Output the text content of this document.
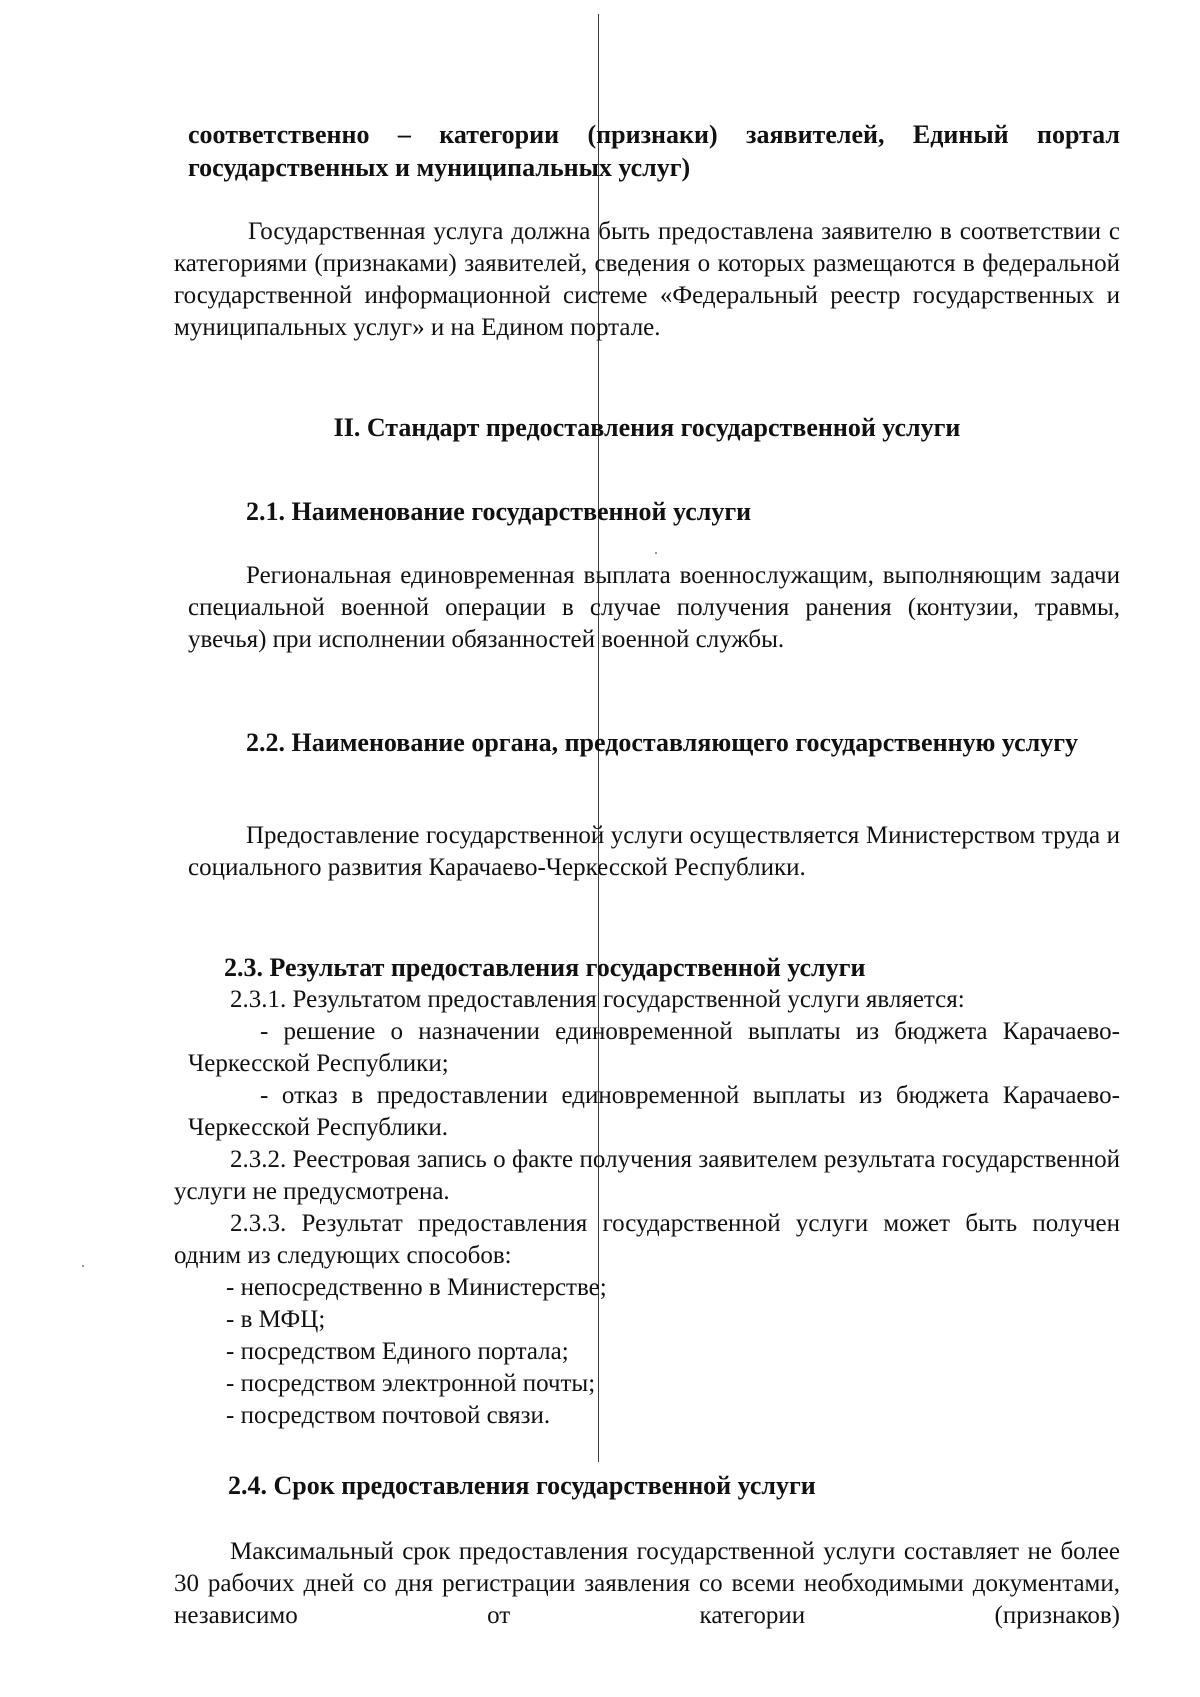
соответственно – категории (признаки) заявителей, Единый портал государственных и муниципальных услуг)

Государственная услуга должна быть предоставлена заявителю в соответствии с категориями (признаками) заявителей, сведения о которых размещаются в федеральной государственной информационной системе «Федеральный реестр государственных и муниципальных услуг» и на Едином портале.

II. Стандарт предоставления государственной услуги

2.1. Наименование государственной услуги

Региональная единовременная выплата военнослужащим, выполняющим задачи специальной военной операции в случае получения ранения (контузии, травмы, увечья) при исполнении обязанностей военной службы.

2.2. Наименование органа, предоставляющего государственную услугу

Предоставление государственной услуги осуществляется Министерством труда и социального развития Карачаево-Черкесской Республики.

2.3. Результат предоставления государственной услуги

2.3.1. Результатом предоставления государственной услуги является:

- решение о назначении единовременной выплаты из бюджета Карачаево-Черкесской Республики;

- отказ в предоставлении единовременной выплаты из бюджета Карачаево-Черкесской Республики.

2.3.2. Реестровая запись о факте получения заявителем результата государственной услуги не предусмотрена.

2.3.3. Результат предоставления государственной услуги может быть получен одним из следующих способов:

- непосредственно в Министерстве;

- в МФЦ;

- посредством Единого портала;

- посредством электронной почты;

- посредством почтовой связи.

2.4. Срок предоставления государственной услуги

Максимальный срок предоставления государственной услуги составляет не более 30 рабочих дней со дня регистрации заявления со всеми необходимыми документами, независимо от категории (признаков)
